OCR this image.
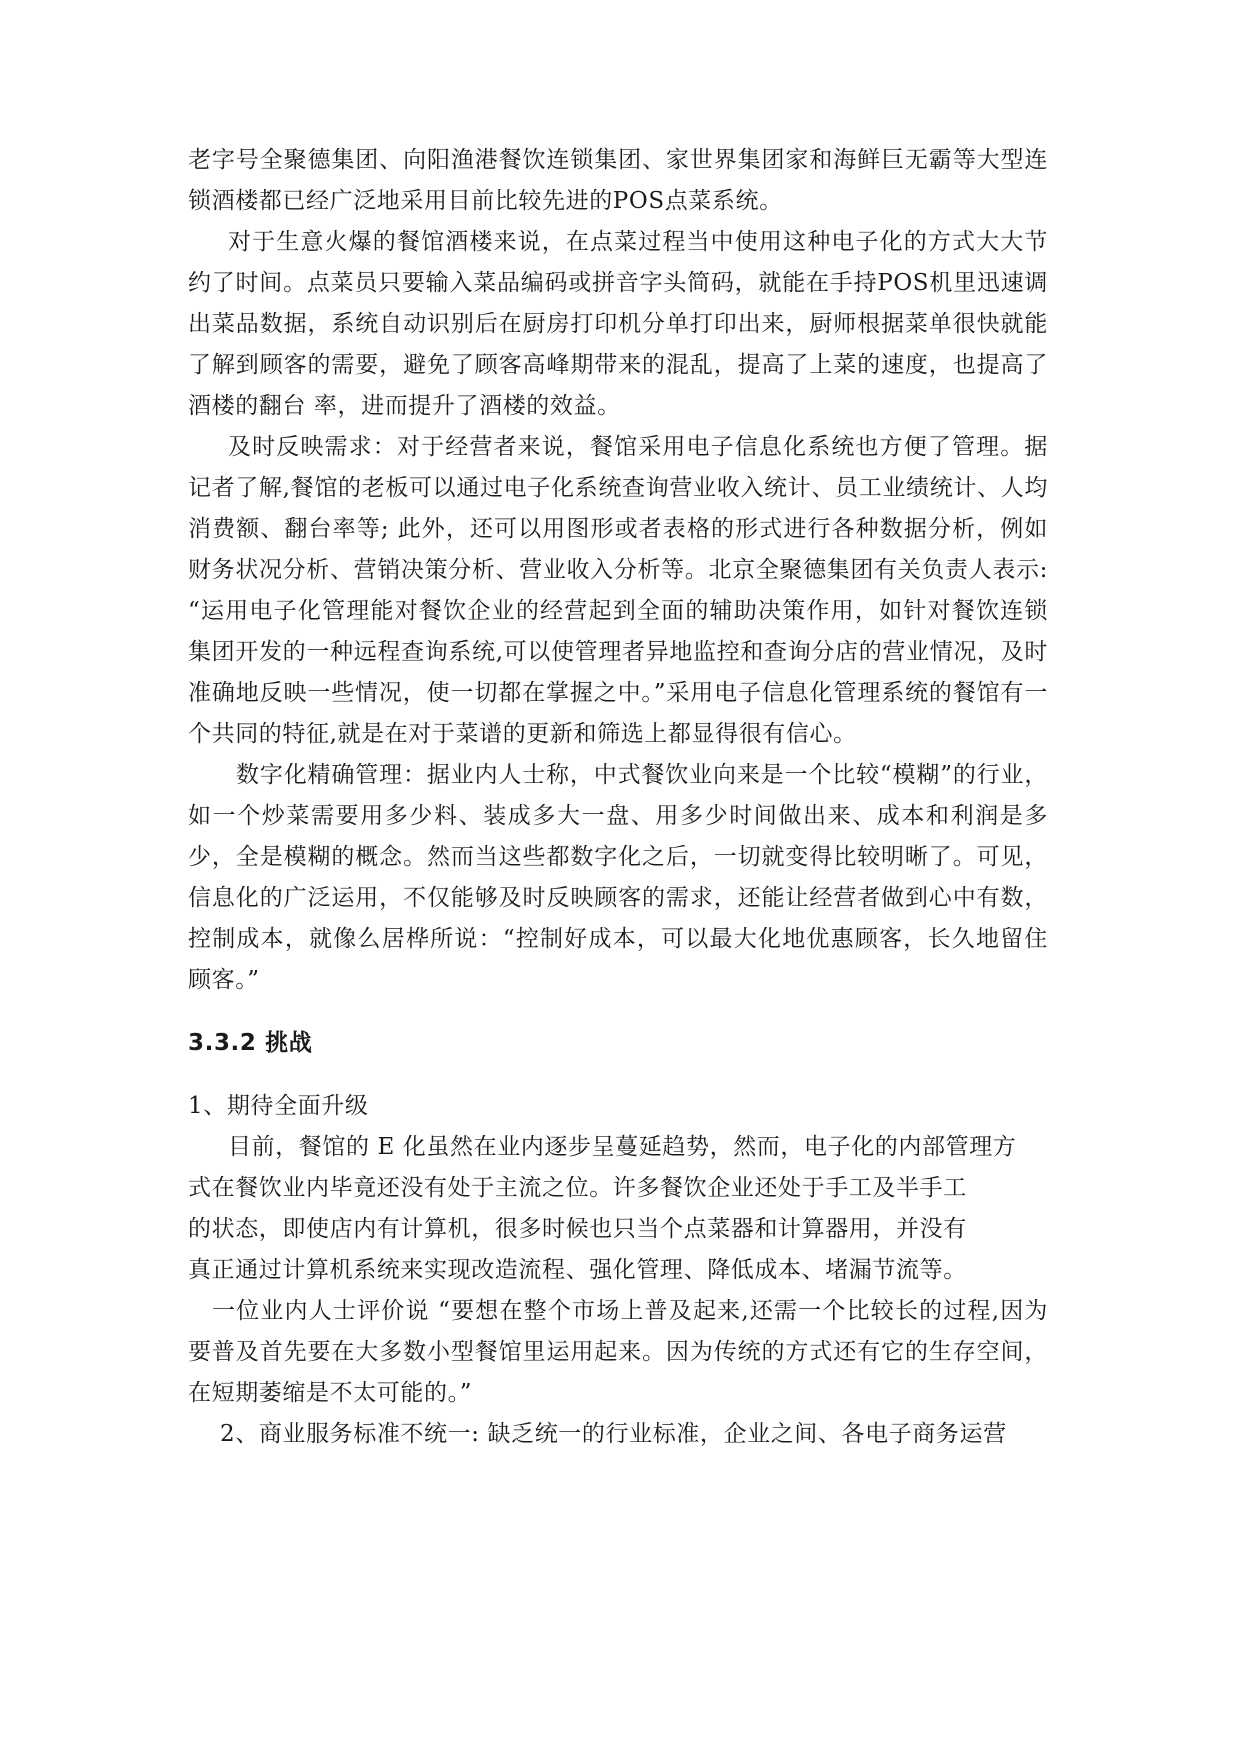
老字号全聚德集团、向阳渔港餐饮连锁集团、家世界集团家和海鲜巨无霸等大型连锁酒楼都已经广泛地采用目前比较先进的POS点菜系统。

对于生意火爆的餐馆酒楼来说，在点菜过程当中使用这种电子化的方式大大节约了时间。点菜员只要输入菜品编码或拼音字头简码，就能在手持POS机里迅速调出菜品数据，系统自动识别后在厨房打印机分单打印出来，厨师根据菜单很快就能了解到顾客的需要，避免了顾客高峰期带来的混乱，提高了上菜的速度，也提高了酒楼的翻台 率，进而提升了酒楼的效益。

及时反映需求：对于经营者来说，餐馆采用电子信息化系统也方便了管理。据记者了解,餐馆的老板可以通过电子化系统查询营业收入统计、员工业绩统计、人均消费额、翻台率等; 此外，还可以用图形或者表格的形式进行各种数据分析，例如财务状况分析、营销决策分析、营业收入分析等。北京全聚德集团有关负责人表示: “运用电子化管理能对餐饮企业的经营起到全面的辅助决策作用，如针对餐饮连锁集团开发的一种远程查询系统,可以使管理者异地监控和查询分店的营业情况，及时准确地反映一些情况，使一切都在掌握之中。”采用电子信息化管理系统的餐馆有一个共同的特征,就是在对于菜谱的更新和筛选上都显得很有信心。

数字化精确管理：据业内人士称，中式餐饮业向来是一个比较“模糊”的行业，如一个炒菜需要用多少料、装成多大一盘、用多少时间做出来、成本和利润是多少，全是模糊的概念。然而当这些都数字化之后，一切就变得比较明晰了。可见，信息化的广泛运用，不仅能够及时反映顾客的需求，还能让经营者做到心中有数，控制成本，就像么居桦所说：“控制好成本，可以最大化地优惠顾客，长久地留住顾客。”

3.3.2 挑战

1、期待全面升级

目前，餐馆的 E 化虽然在业内逐步呈蔓延趋势，然而，电子化的内部管理方
式在餐饮业内毕竟还没有处于主流之位。许多餐饮企业还处于手工及半手工
的状态，即使店内有计算机，很多时候也只当个点菜器和计算器用，并没有
真正通过计算机系统来实现改造流程、强化管理、降低成本、堵漏节流等。

一位业内人士评价说 “要想在整个市场上普及起来,还需一个比较长的过程,因为要普及首先要在大多数小型餐馆里运用起来。因为传统的方式还有它的生存空间，在短期萎缩是不太可能的。”

2、商业服务标准不统一: 缺乏统一的行业标准，企业之间、各电子商务运营
